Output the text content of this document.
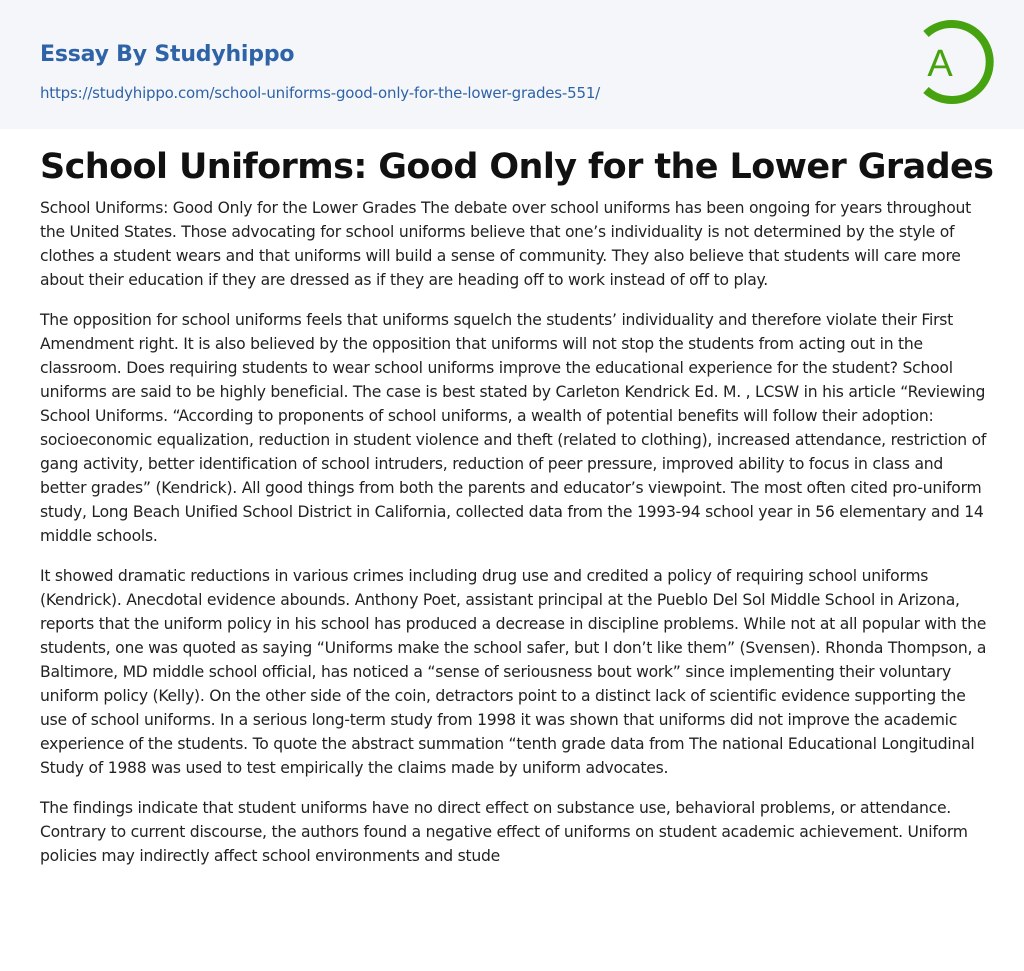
Essay By Studyhippo
https://studyhippo.com/school-uniforms-good-only-for-the-lower-grades-551/
A
School Uniforms: Good Only for the Lower Grades

School Uniforms: Good Only for the Lower Grades The debate over school uniforms has been ongoing for years throughout the United States. Those advocating for school uniforms believe that one’s individuality is not determined by the style of clothes a student wears and that uniforms will build a sense of community. They also believe that students will care more about their education if they are dressed as if they are heading off to work instead of off to play.

The opposition for school uniforms feels that uniforms squelch the students’ individuality and therefore violate their First Amendment right. It is also believed by the opposition that uniforms will not stop the students from acting out in the classroom. Does requiring students to wear school uniforms improve the educational experience for the student? School uniforms are said to be highly beneficial. The case is best stated by Carleton Kendrick Ed. M. , LCSW in his article “Reviewing School Uniforms. “According to proponents of school uniforms, a wealth of potential benefits will follow their adoption: socioeconomic equalization, reduction in student violence and theft (related to clothing), increased attendance, restriction of gang activity, better identification of school intruders, reduction of peer pressure, improved ability to focus in class and better grades” (Kendrick). All good things from both the parents and educator’s viewpoint. The most often cited pro-uniform study, Long Beach Unified School District in California, collected data from the 1993-94 school year in 56 elementary and 14 middle schools.

It showed dramatic reductions in various crimes including drug use and credited a policy of requiring school uniforms (Kendrick). Anecdotal evidence abounds. Anthony Poet, assistant principal at the Pueblo Del Sol Middle School in Arizona, reports that the uniform policy in his school has produced a decrease in discipline problems. While not at all popular with the students, one was quoted as saying “Uniforms make the school safer, but I don’t like them” (Svensen). Rhonda Thompson, a Baltimore, MD middle school official, has noticed a “sense of seriousness bout work” since implementing their voluntary uniform policy (Kelly). On the other side of the coin, detractors point to a distinct lack of scientific evidence supporting the use of school uniforms. In a serious long-term study from 1998 it was shown that uniforms did not improve the academic experience of the students. To quote the abstract summation “tenth grade data from The national Educational Longitudinal Study of 1988 was used to test empirically the claims made by uniform advocates.

The findings indicate that student uniforms have no direct effect on substance use, behavioral problems, or attendance. Contrary to current discourse, the authors found a negative effect of uniforms on student academic achievement. Uniform policies may indirectly affect school environments and stude
